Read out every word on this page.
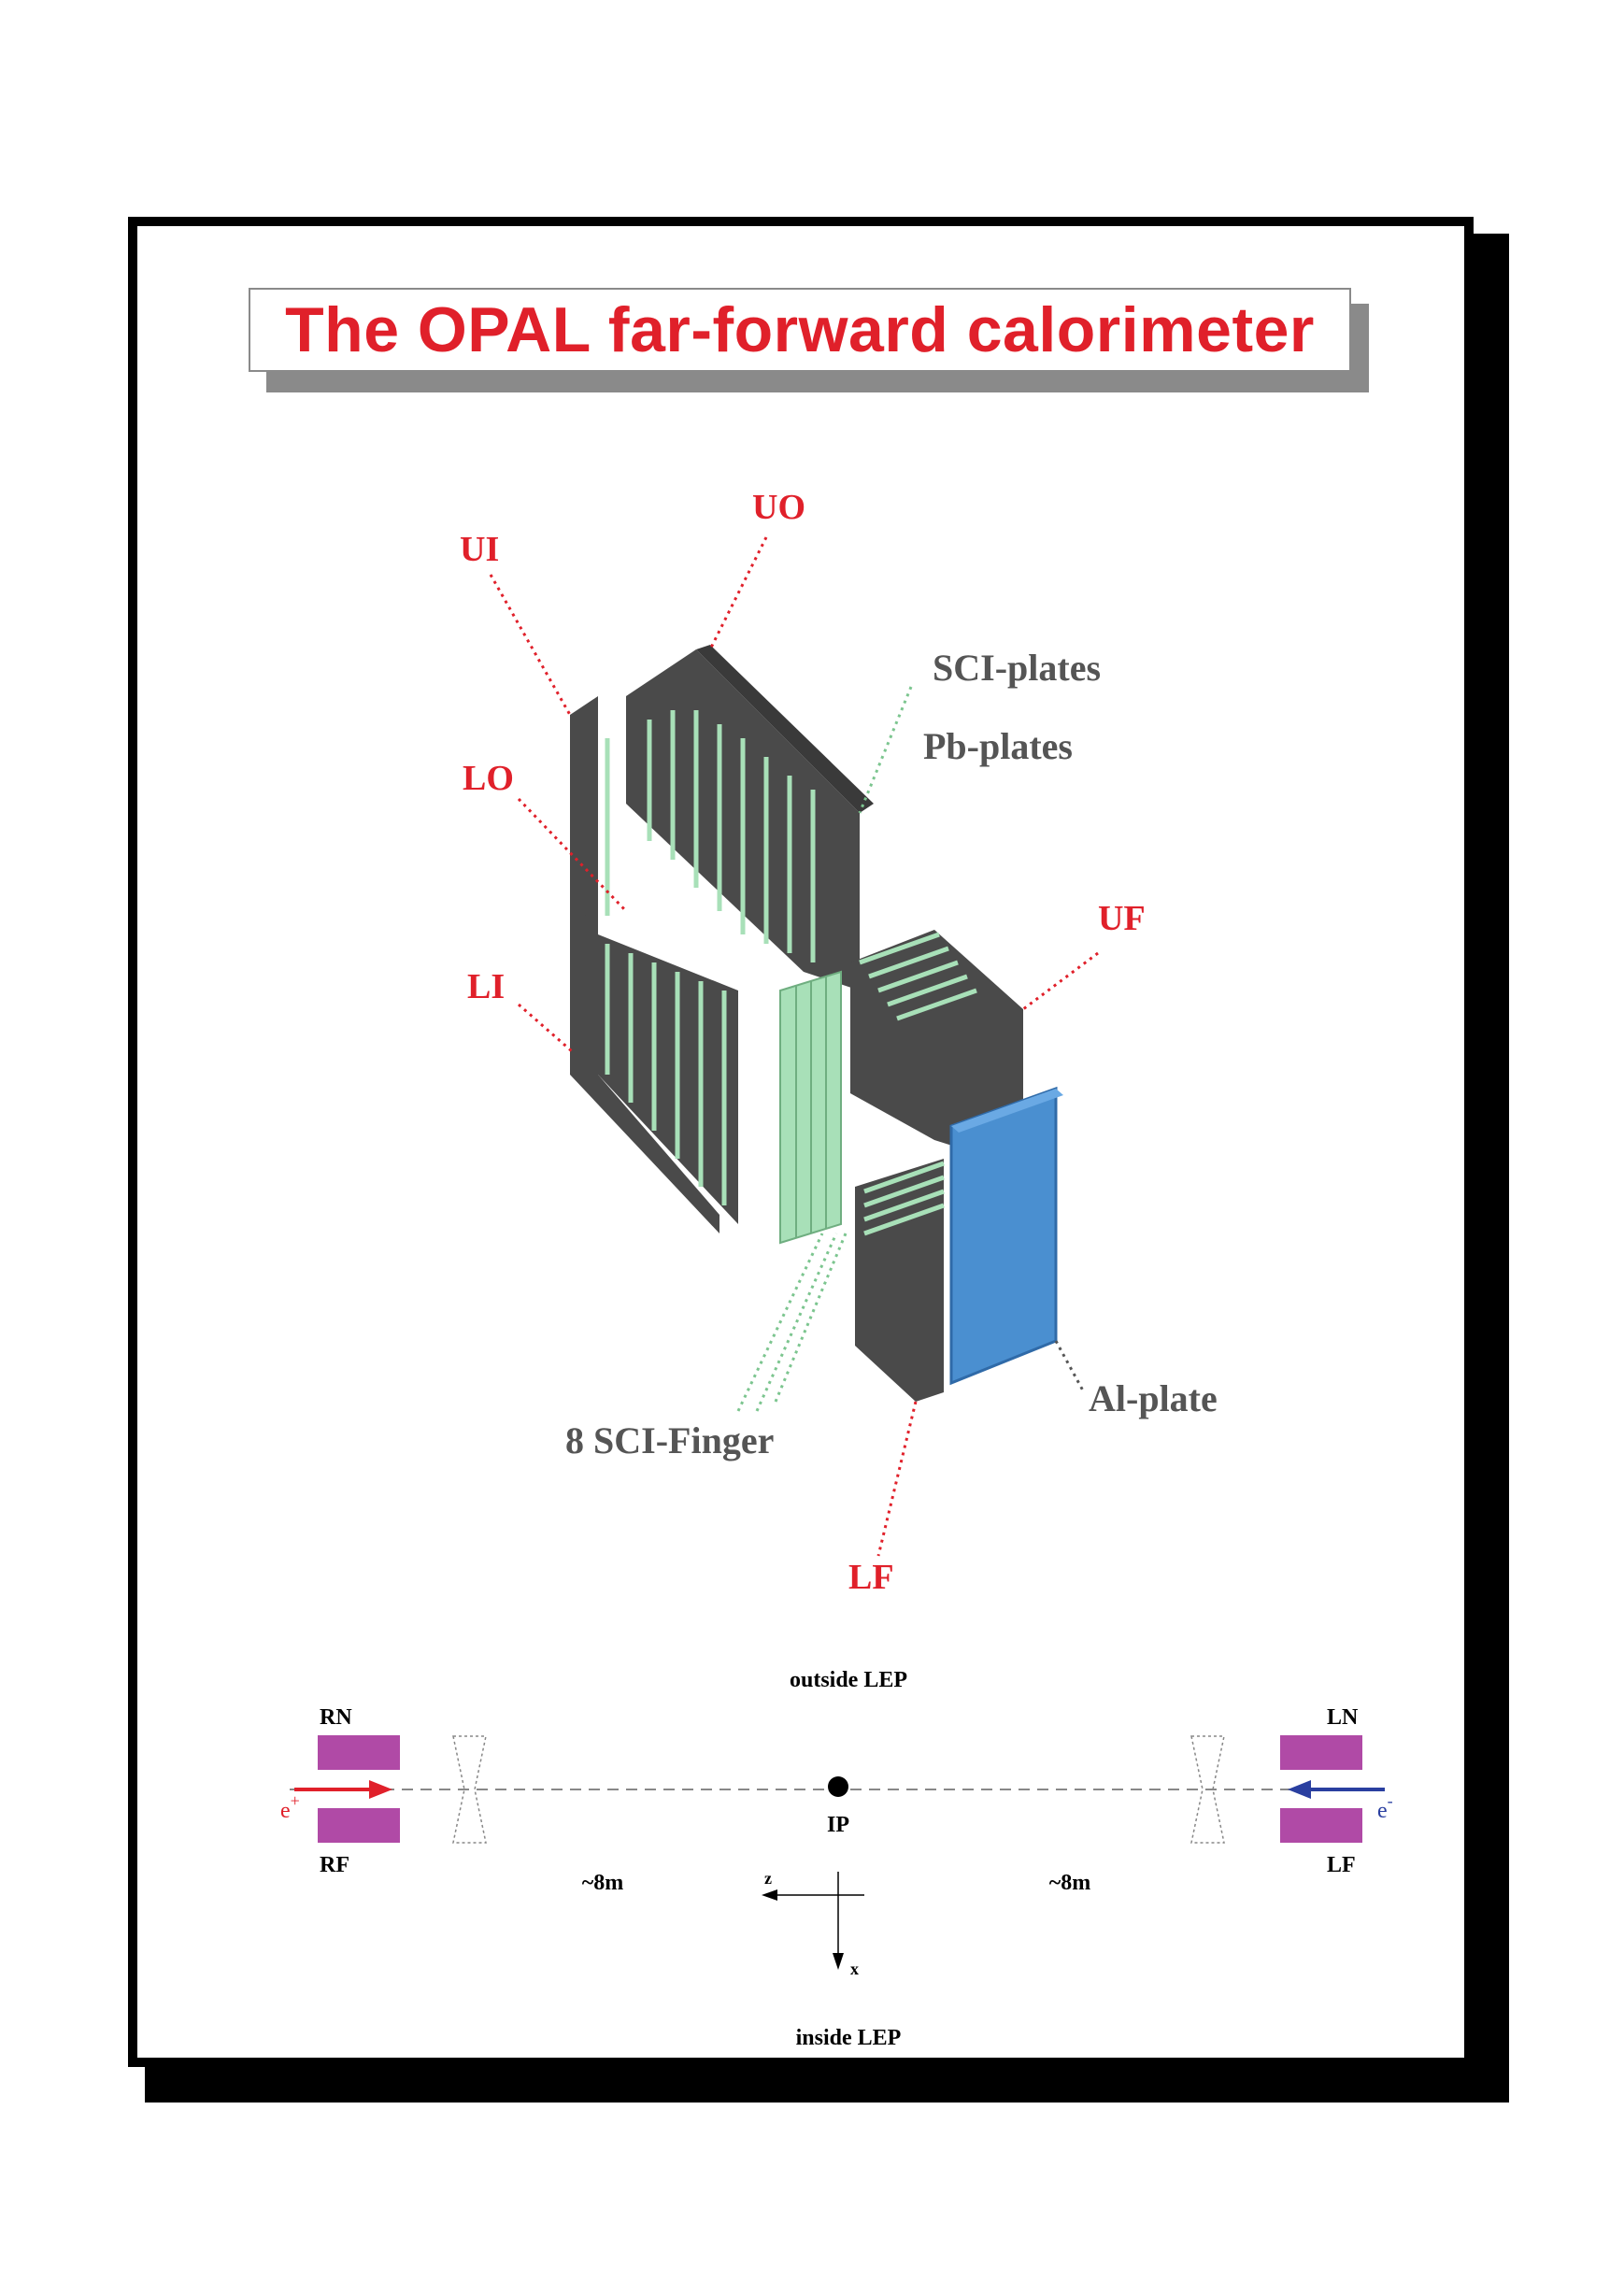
The OPAL far-forward calorimeter
UI
UO
LO
LI
UF
LF
SCI-plates
Pb-plates
Al-plate
8 SCI-Finger
outside LEP
inside LEP
RN
RF
LN
LF
e+	e-
IP
~8m	~8m
z
x
